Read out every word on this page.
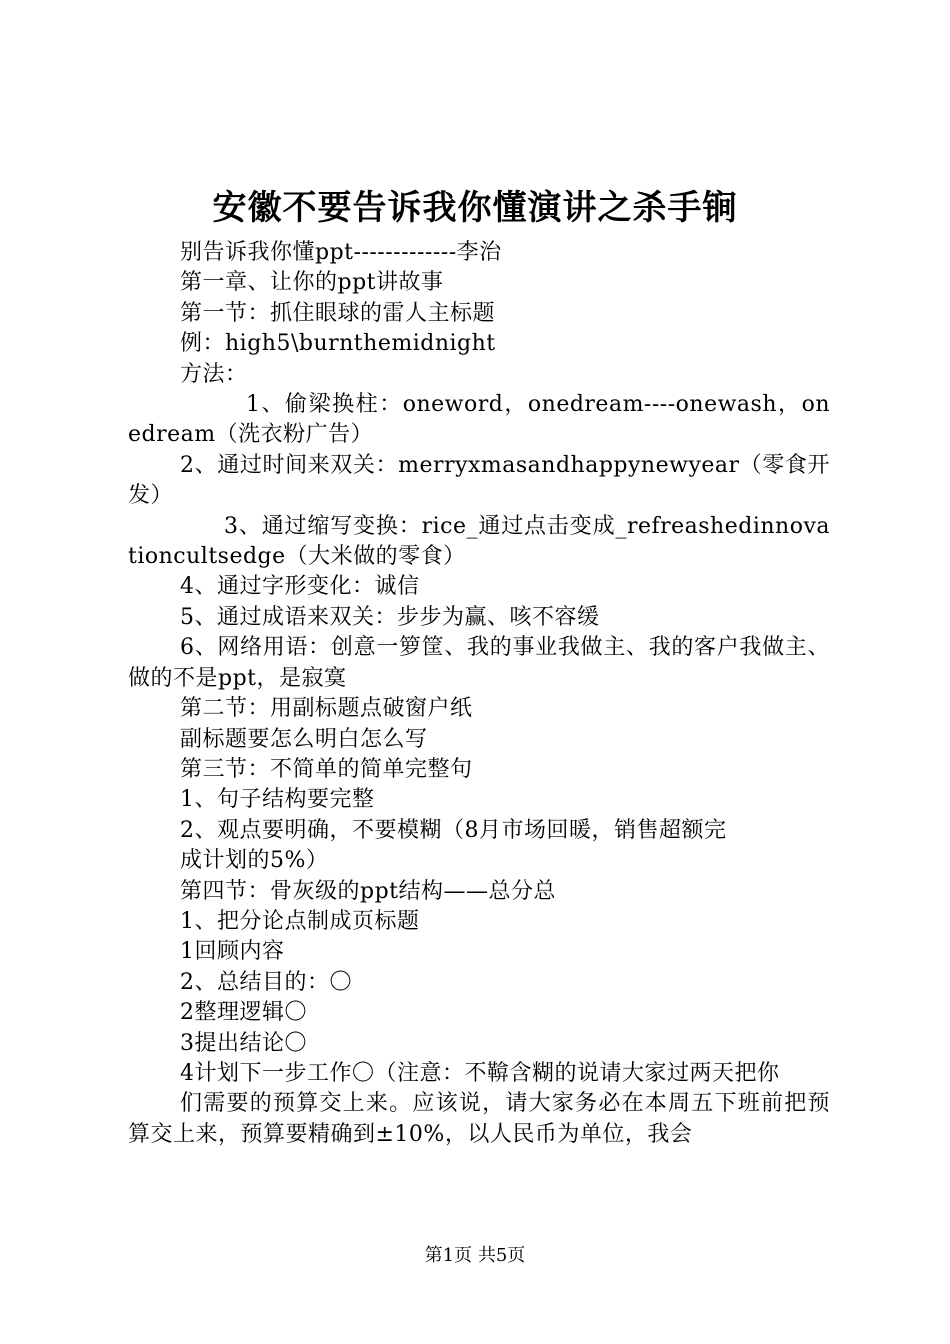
安徽不要告诉我你懂演讲之杀手锏
别告诉我你懂ppt-------------李治
第一章、让你的ppt讲故事
第一节：抓住眼球的雷人主标题
例：high5\burnthemidnight
方法：
1、偷梁换柱：oneword，onedream----onewash，onedream（洗衣粉广告）
2、通过时间来双关：merryxmasandhappynewyear（零食开发）
3、通过缩写变换：rice_通过点击变成_refreashedinnovationcultsedge（大米做的零食）
4、通过字形变化：诚信
5、通过成语来双关：步步为赢、咳不容缓
6、网络用语：创意一箩筐、我的事业我做主、我的客户我做主、做的不是ppt，是寂寞
第二节：用副标题点破窗户纸
副标题要怎么明白怎么写
第三节：不简单的简单完整句
1、句子结构要完整
2、观点要明确，不要模糊（8月市场回暖，销售超额完
成计划的5%）
第四节：骨灰级的ppt结构——总分总
1、把分论点制成页标题
1回顾内容
2、总结目的：〇
2整理逻辑〇
3提出结论〇
4计划下一步工作〇（注意：不鞥含糊的说请大家过两天把你
们需要的预算交上来。应该说，请大家务必在本周五下班前把预算交上来，预算要精确到±10%，以人民币为单位，我会
第1页 共5页
